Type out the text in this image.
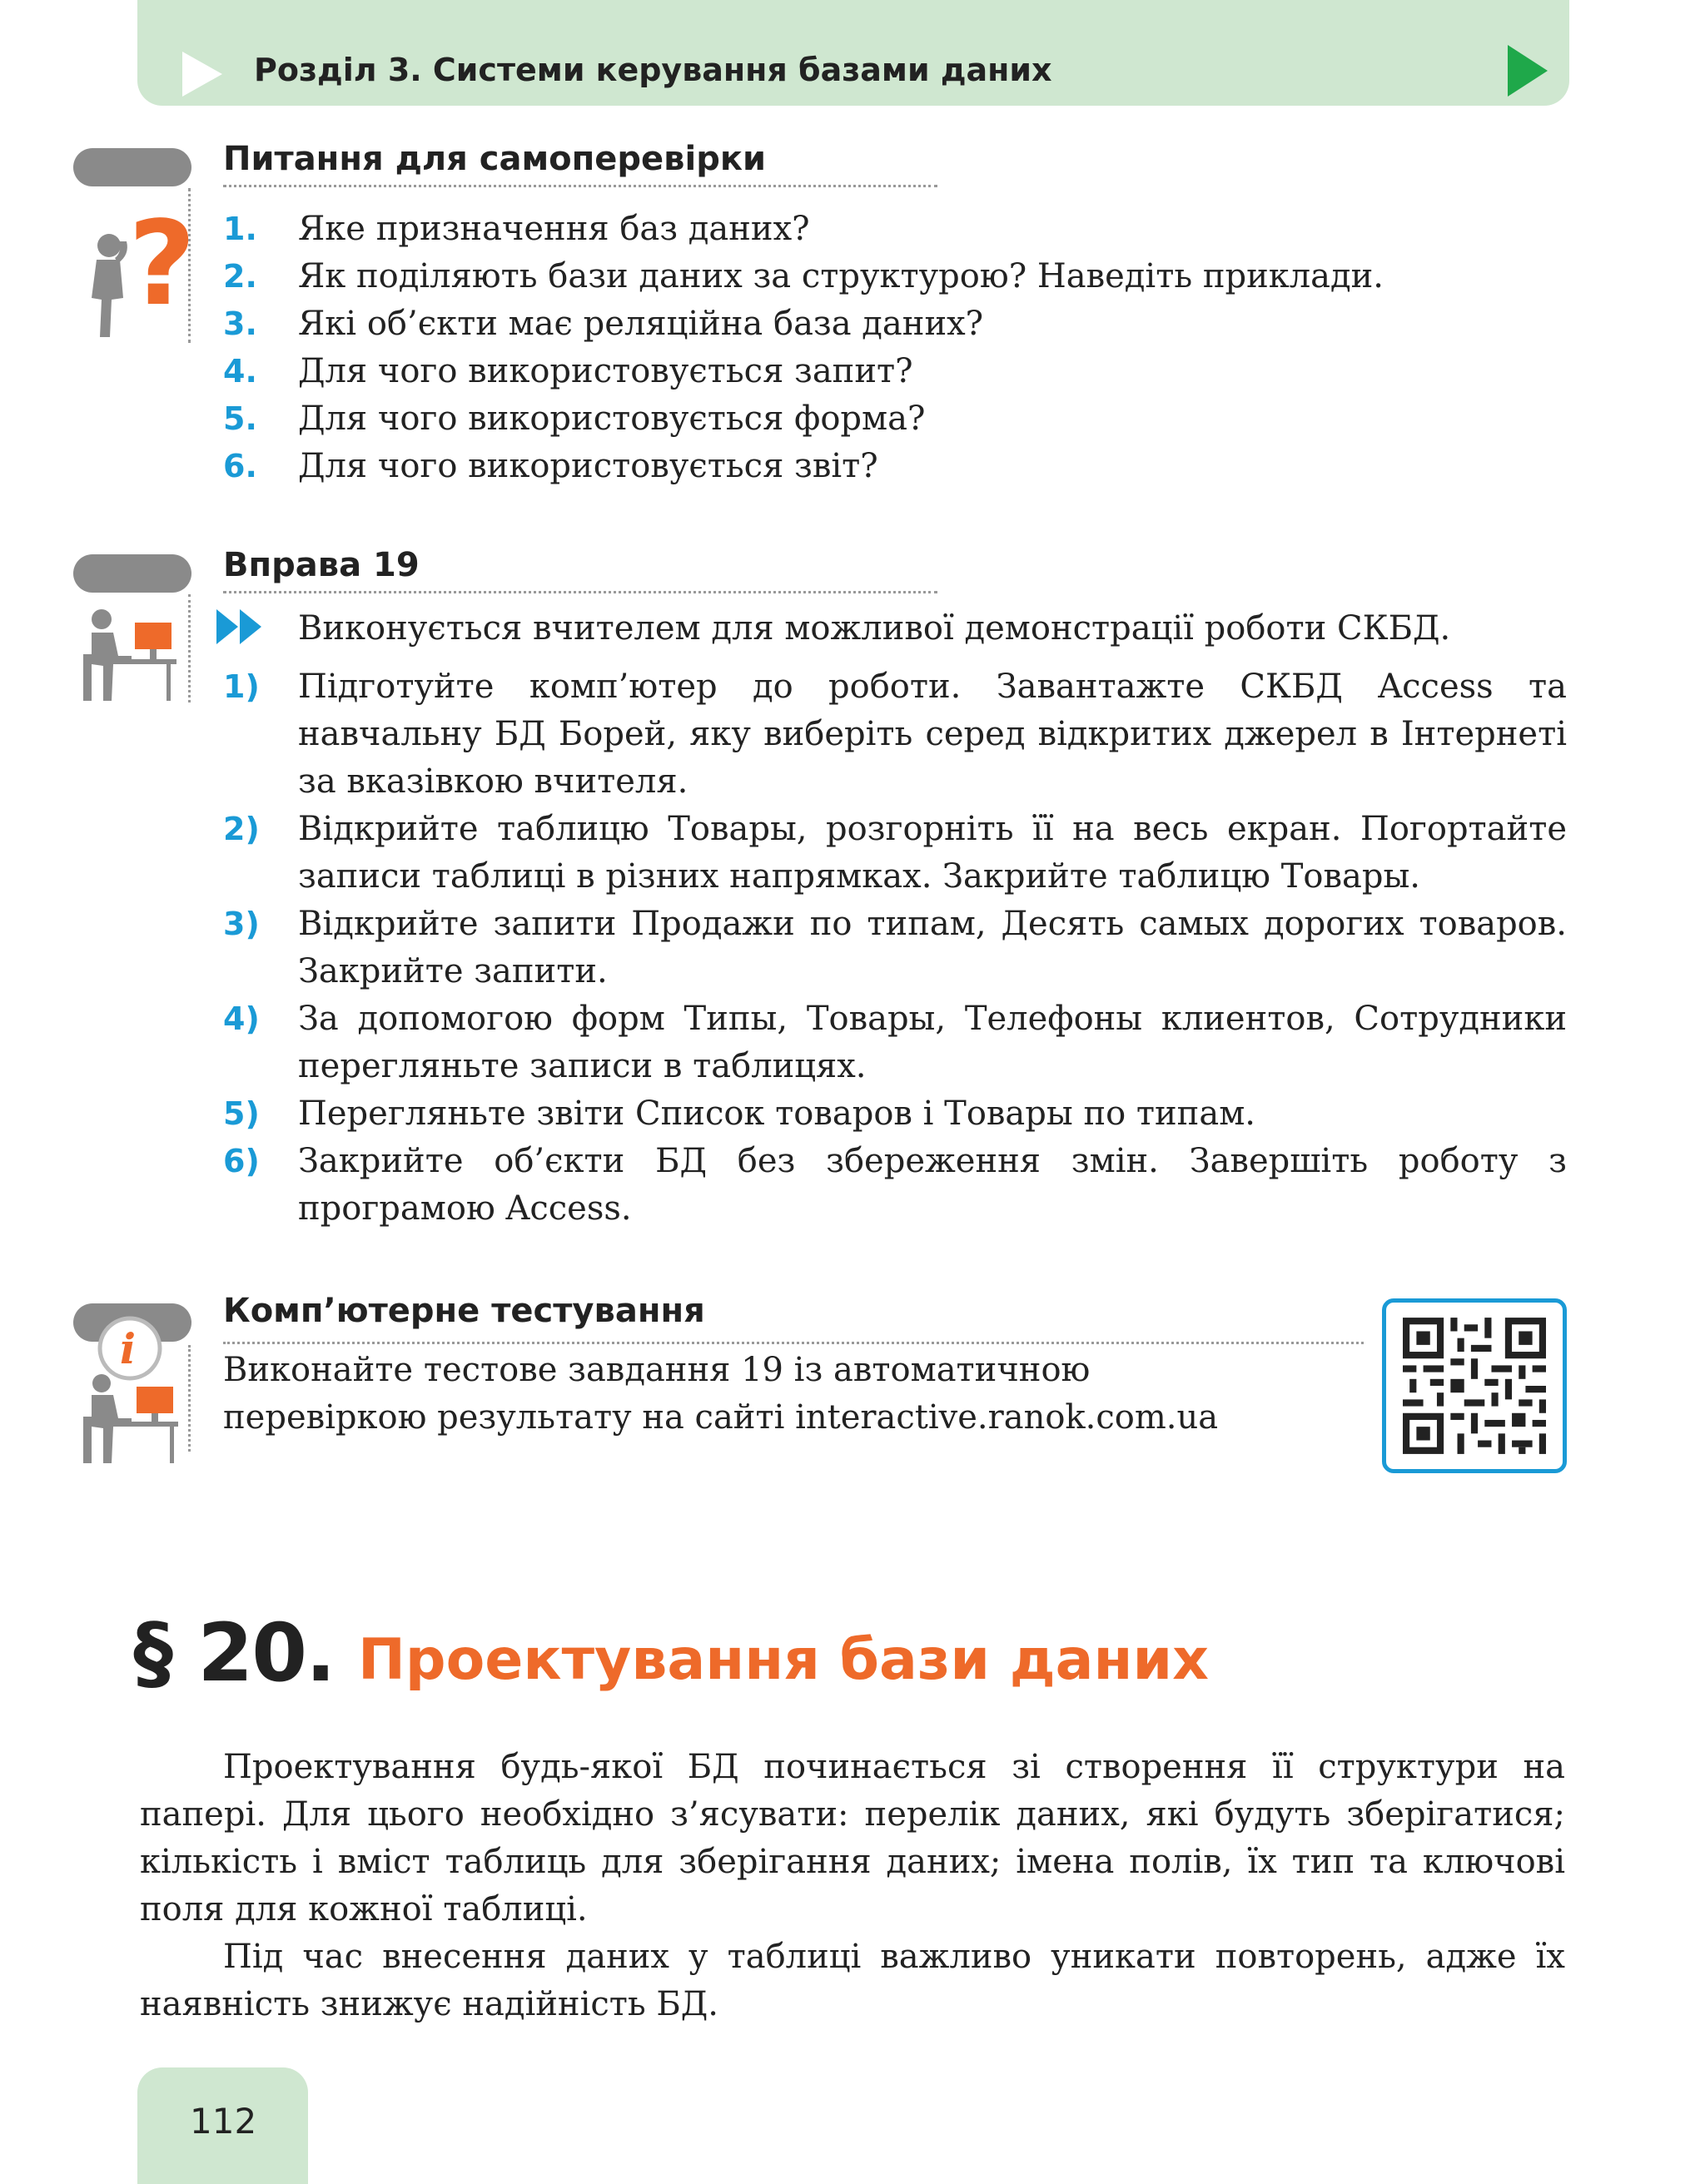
Розділ 3. Системи керування базами даних
Питання для самоперевірки
? 1. Яке призначення баз даних?
2. Як поділяють бази даних за структурою? Наведіть приклади.
3. Які об’єкти має реляційна база даних?
4. Для чого використовується запит?
5. Для чого використовується форма?
6. Для чого використовується звіт?
Вправа 19
Виконується вчителем для можливої демонстрації роботи СКБД.
1) Підготуйте комп’ютер до роботи. Завантажте СКБД Access та навчальну БД Борей, яку виберіть серед відкритих джерел в Інтернеті за вказівкою вчителя.
2) Відкрийте таблицю Товары, розгорніть її на весь екран. Погортайте записи таблиці в різних напрямках. Закрийте таблицю Товары.
3) Відкрийте запити Продажи по типам, Десять самых дорогих товаров. Закрийте запити.
4) За допомогою форм Типы, Товары, Телефоны клиентов, Сотрудники перегляньте записи в таблицях.
5) Перегляньте звіти Список товаров і Товары по типам.
6) Закрийте об’єкти БД без збереження змін. Завершіть роботу з програмою Access.
Комп’ютерне тестування
i	Виконайте тестове завдання 19 із автоматичною
перевіркою результату на сайті interactive.ranok.com.ua
§ 20. Проектування бази даних

Проектування будь-якої БД починається зі створення її структури на папері. Для цього необхідно з’ясувати: перелік даних, які будуть зберігатися; кількість і вміст таблиць для зберігання даних; імена полів, їх тип та ключові поля для кожної таблиці.

Під час внесення даних у таблиці важливо уникати повторень, адже їх наявність знижує надійність БД.

112
